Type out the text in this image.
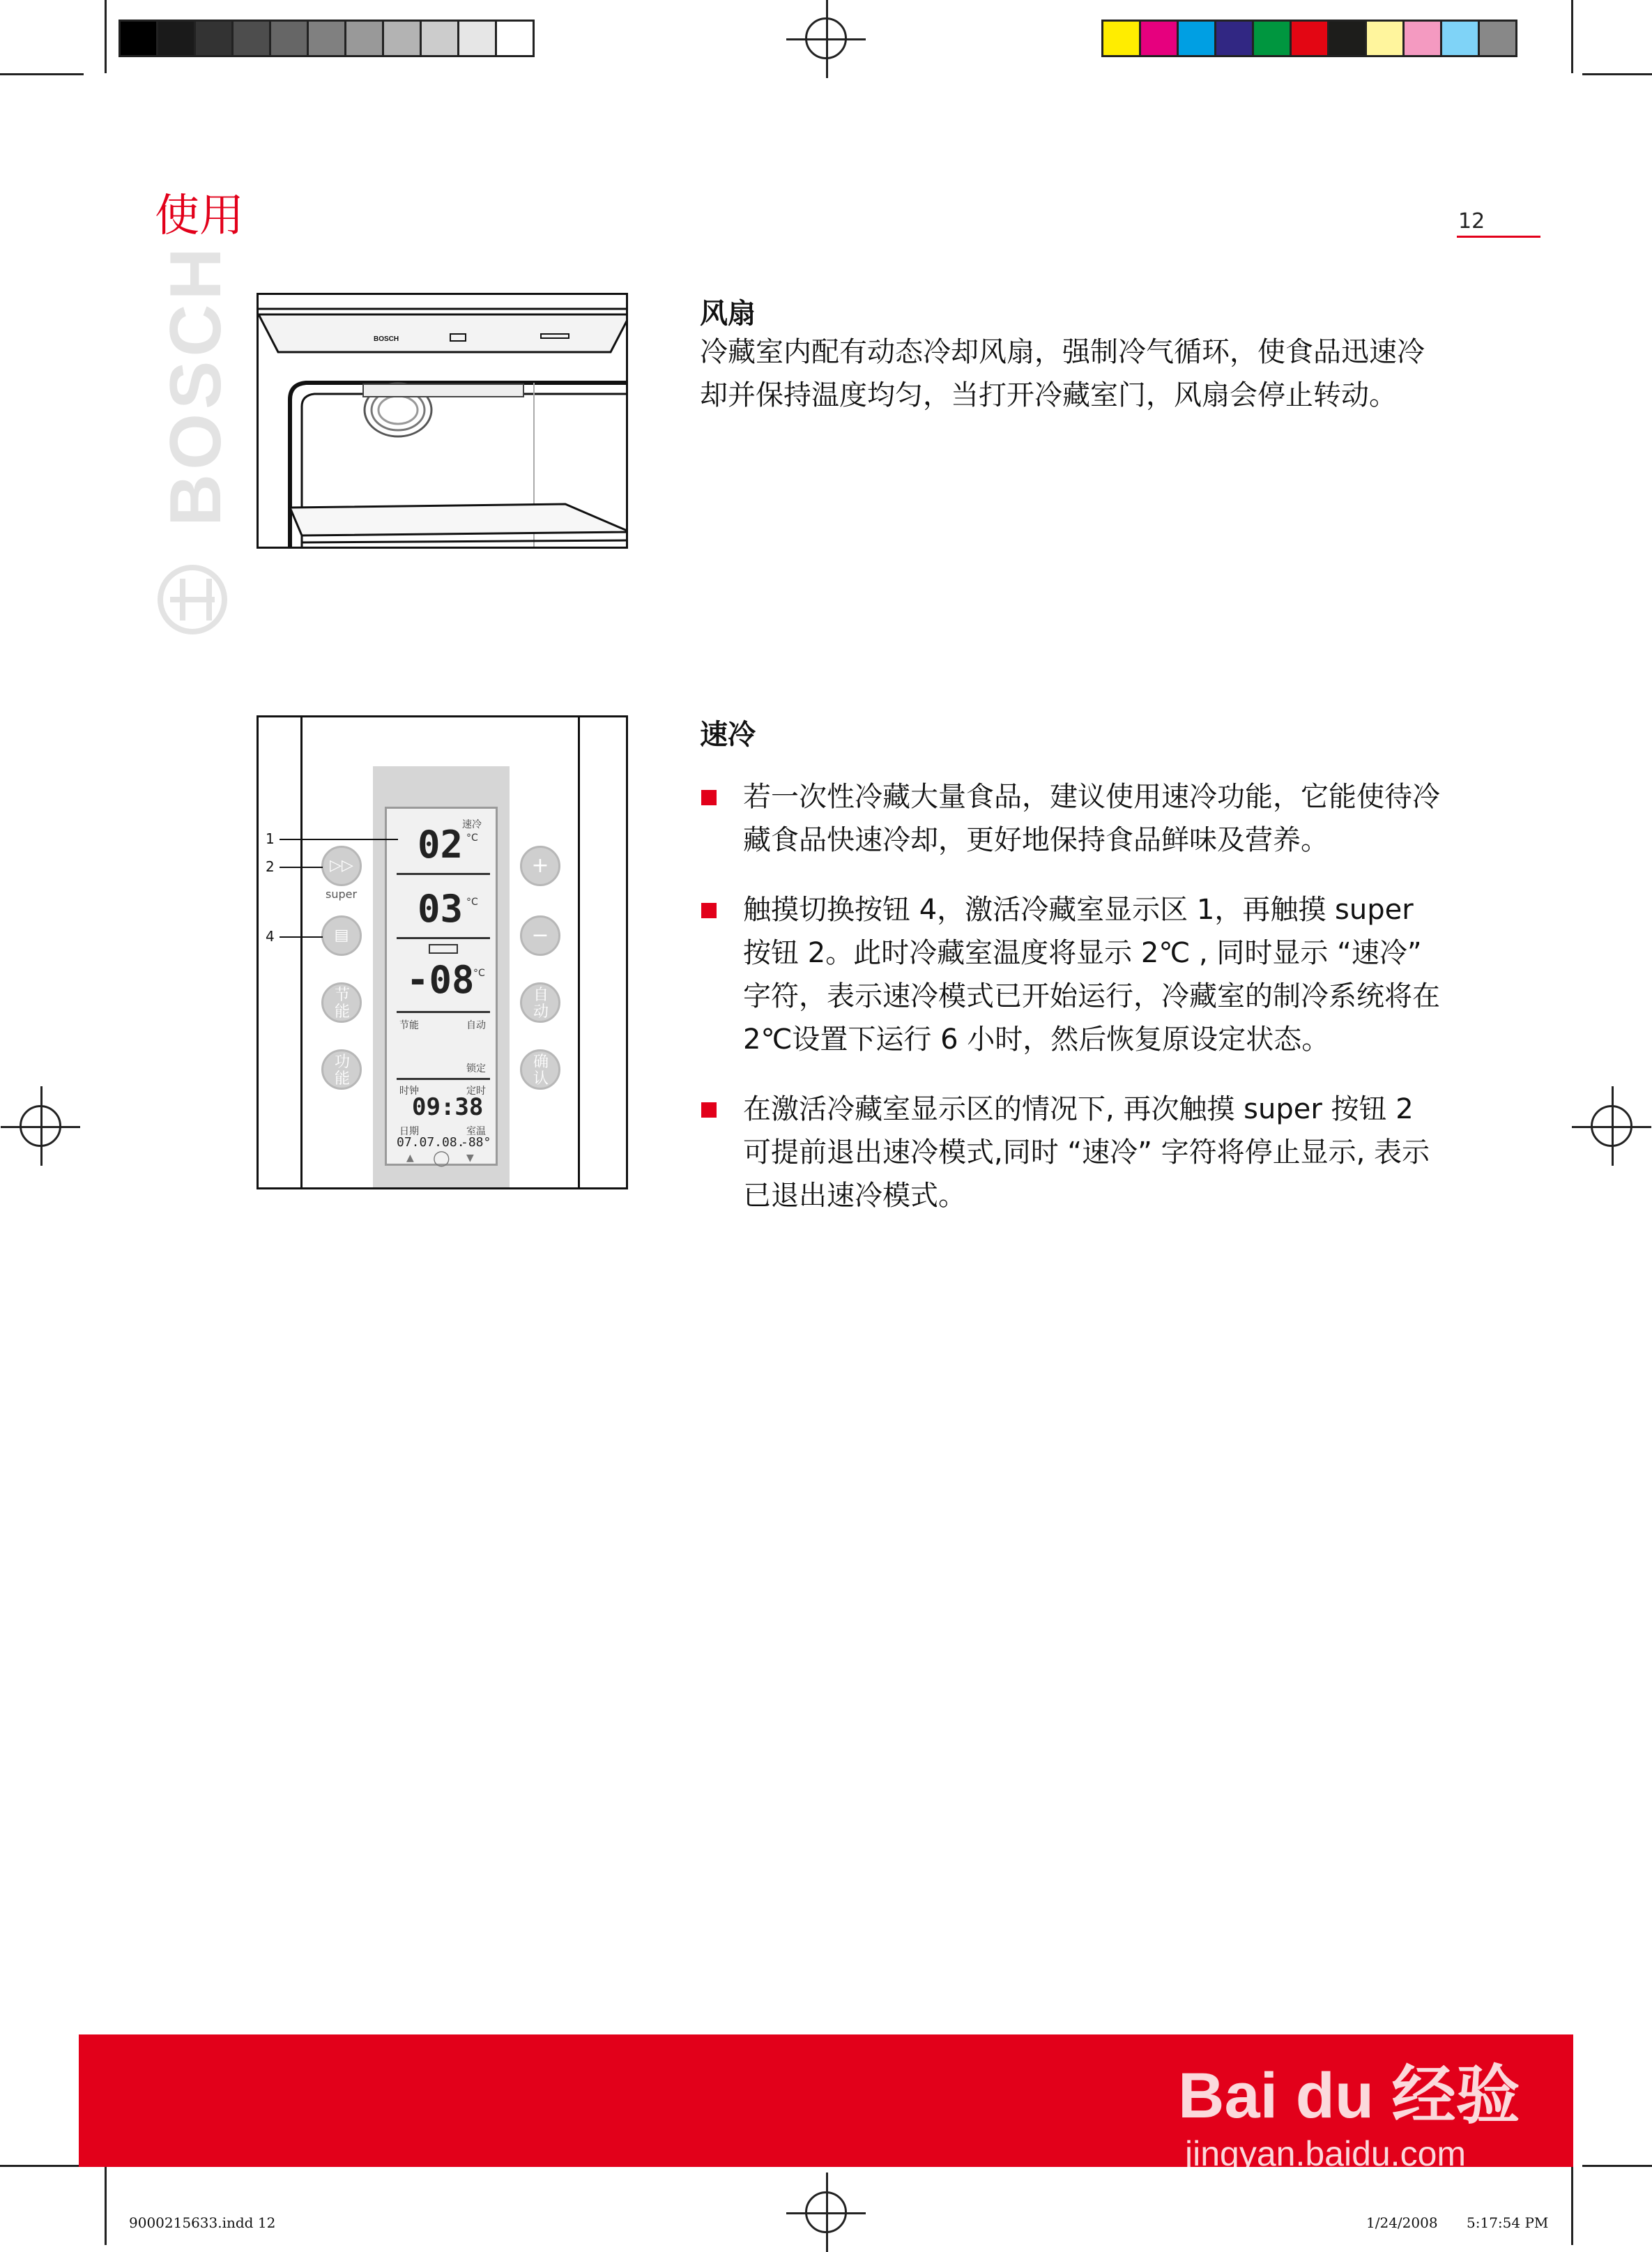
使用	12
BOSCH	BOSCH
风扇
冷藏室内配有动态冷却风扇，强制冷气循环，使食品迅速冷却并保持温度均匀，当打开冷藏室门，风扇会停止转动。
速冷
02 °C
03 °C
-08
°C
节能	自动
锁定
时钟	定时
09:38
日期	室温
07.07.08.
-88°
▷▷
super
▤
节能
功能
+
−
自动
确认
▲ ◯ ▼
1
2
4
速冷
若一次性冷藏大量食品，建议使用速冷功能，它能使待冷藏食品快速冷却，更好地保持食品鲜味及营养。
触摸切换按钮 4，激活冷藏室显示区 1，再触摸 super 按钮 2。此时冷藏室温度将显示 2℃ , 同时显示 “速冷” 字符，表示速冷模式已开始运行，冷藏室的制冷系统将在 2℃设置下运行 6 小时，然后恢复原设定状态。
在激活冷藏室显示区的情况下, 再次触摸 super 按钮 2 可提前退出速冷模式,同时 “速冷” 字符将停止显示, 表示已退出速冷模式。
Bai du 经验
jingyan.baidu.com
9000215633.indd 12	1/24/2008 5:17:54 PM
